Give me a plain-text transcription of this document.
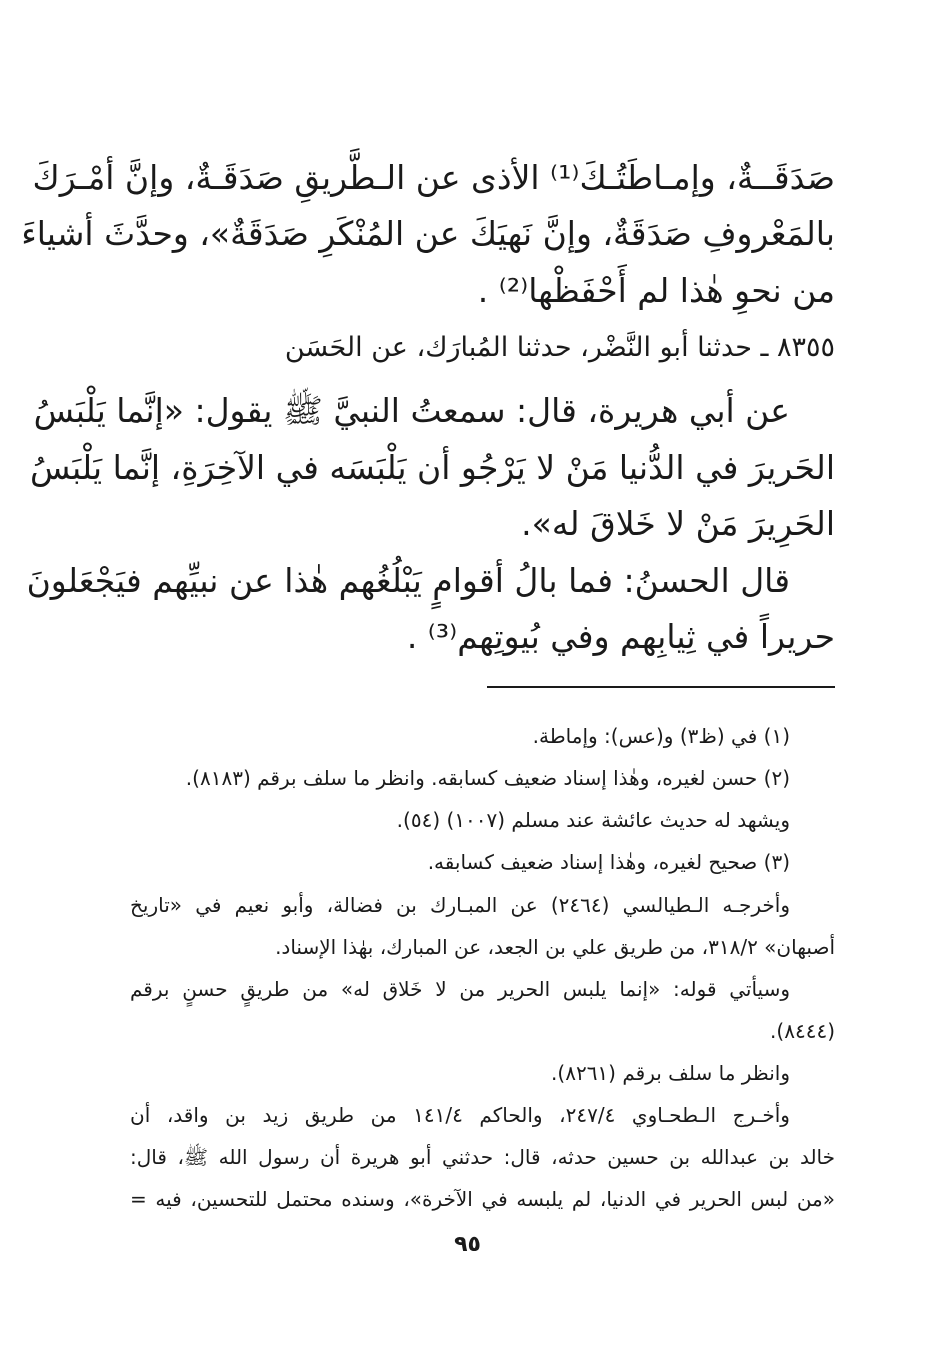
صَدَقَــةٌ، وإمـاطَتُـكَ⁽¹⁾ الأذى عن الـطَّريقِ صَدَقَـةٌ، وإنَّ أمْـرَكَ
بالمَعْروفِ صَدَقَةٌ، وإنَّ نَهيَكَ عن المُنْكَرِ صَدَقَةٌ»، وحدَّثَ أشياءَ
من نحوِ هٰذا لم أَحْفَظْها⁽²⁾ .
٨٣٥٥ ـ حدثنا أبو النَّضْر، حدثنا المُبارَك، عن الحَسَن
عن أبي هريرة، قال: سمعتُ النبيَّ ﷺ يقول: «إنَّما يَلْبَسُ
الحَريرَ في الدُّنيا مَنْ لا يَرْجُو أن يَلْبَسَه في الآخِرَةِ، إنَّما يَلْبَسُ
الحَرِيرَ مَنْ لا خَلاقَ له».
قال الحسنُ: فما بالُ أقوامٍ يَبْلُغُهم هٰذا عن نبيِّهم فيَجْعَلونَ
حريراً في ثِيابِهم وفي بُيوتِهم⁽³⁾ .
(١) في (ظ٣) و(عس): وإماطة.
(٢) حسن لغيره، وهٰذا إسناد ضعيف كسابقه. وانظر ما سلف برقم (٨١٨٣).
ويشهد له حديث عائشة عند مسلم (١٠٠٧) (٥٤).
(٣) صحيح لغيره، وهٰذا إسناد ضعيف كسابقه.
وأخرجـه الـطيالسي (٢٤٦٤) عن المبـارك بن فضالة، وأبو نعيم في «تاريخ
أصبهان» ٣١٨/٢، من طريق علي بن الجعد، عن المبارك، بهٰذا الإسناد.
وسيأتي قوله: «إنما يلبس الحرير من لا خَلاق له» من طريقٍ حسنٍ برقم
(٨٤٤٤).
وانظر ما سلف برقم (٨٢٦١).
وأخـرج الـطحـاوي ٢٤٧/٤، والحاكم ١٤١/٤ من طريق زيد بن واقد، أن
خالد بن عبدالله بن حسين حدثه، قال: حدثني أبو هريرة أن رسول الله ﷺ، قال:
«من لبس الحرير في الدنيا، لم يلبسه في الآخرة»، وسنده محتمل للتحسين، فيه =
٩٥
